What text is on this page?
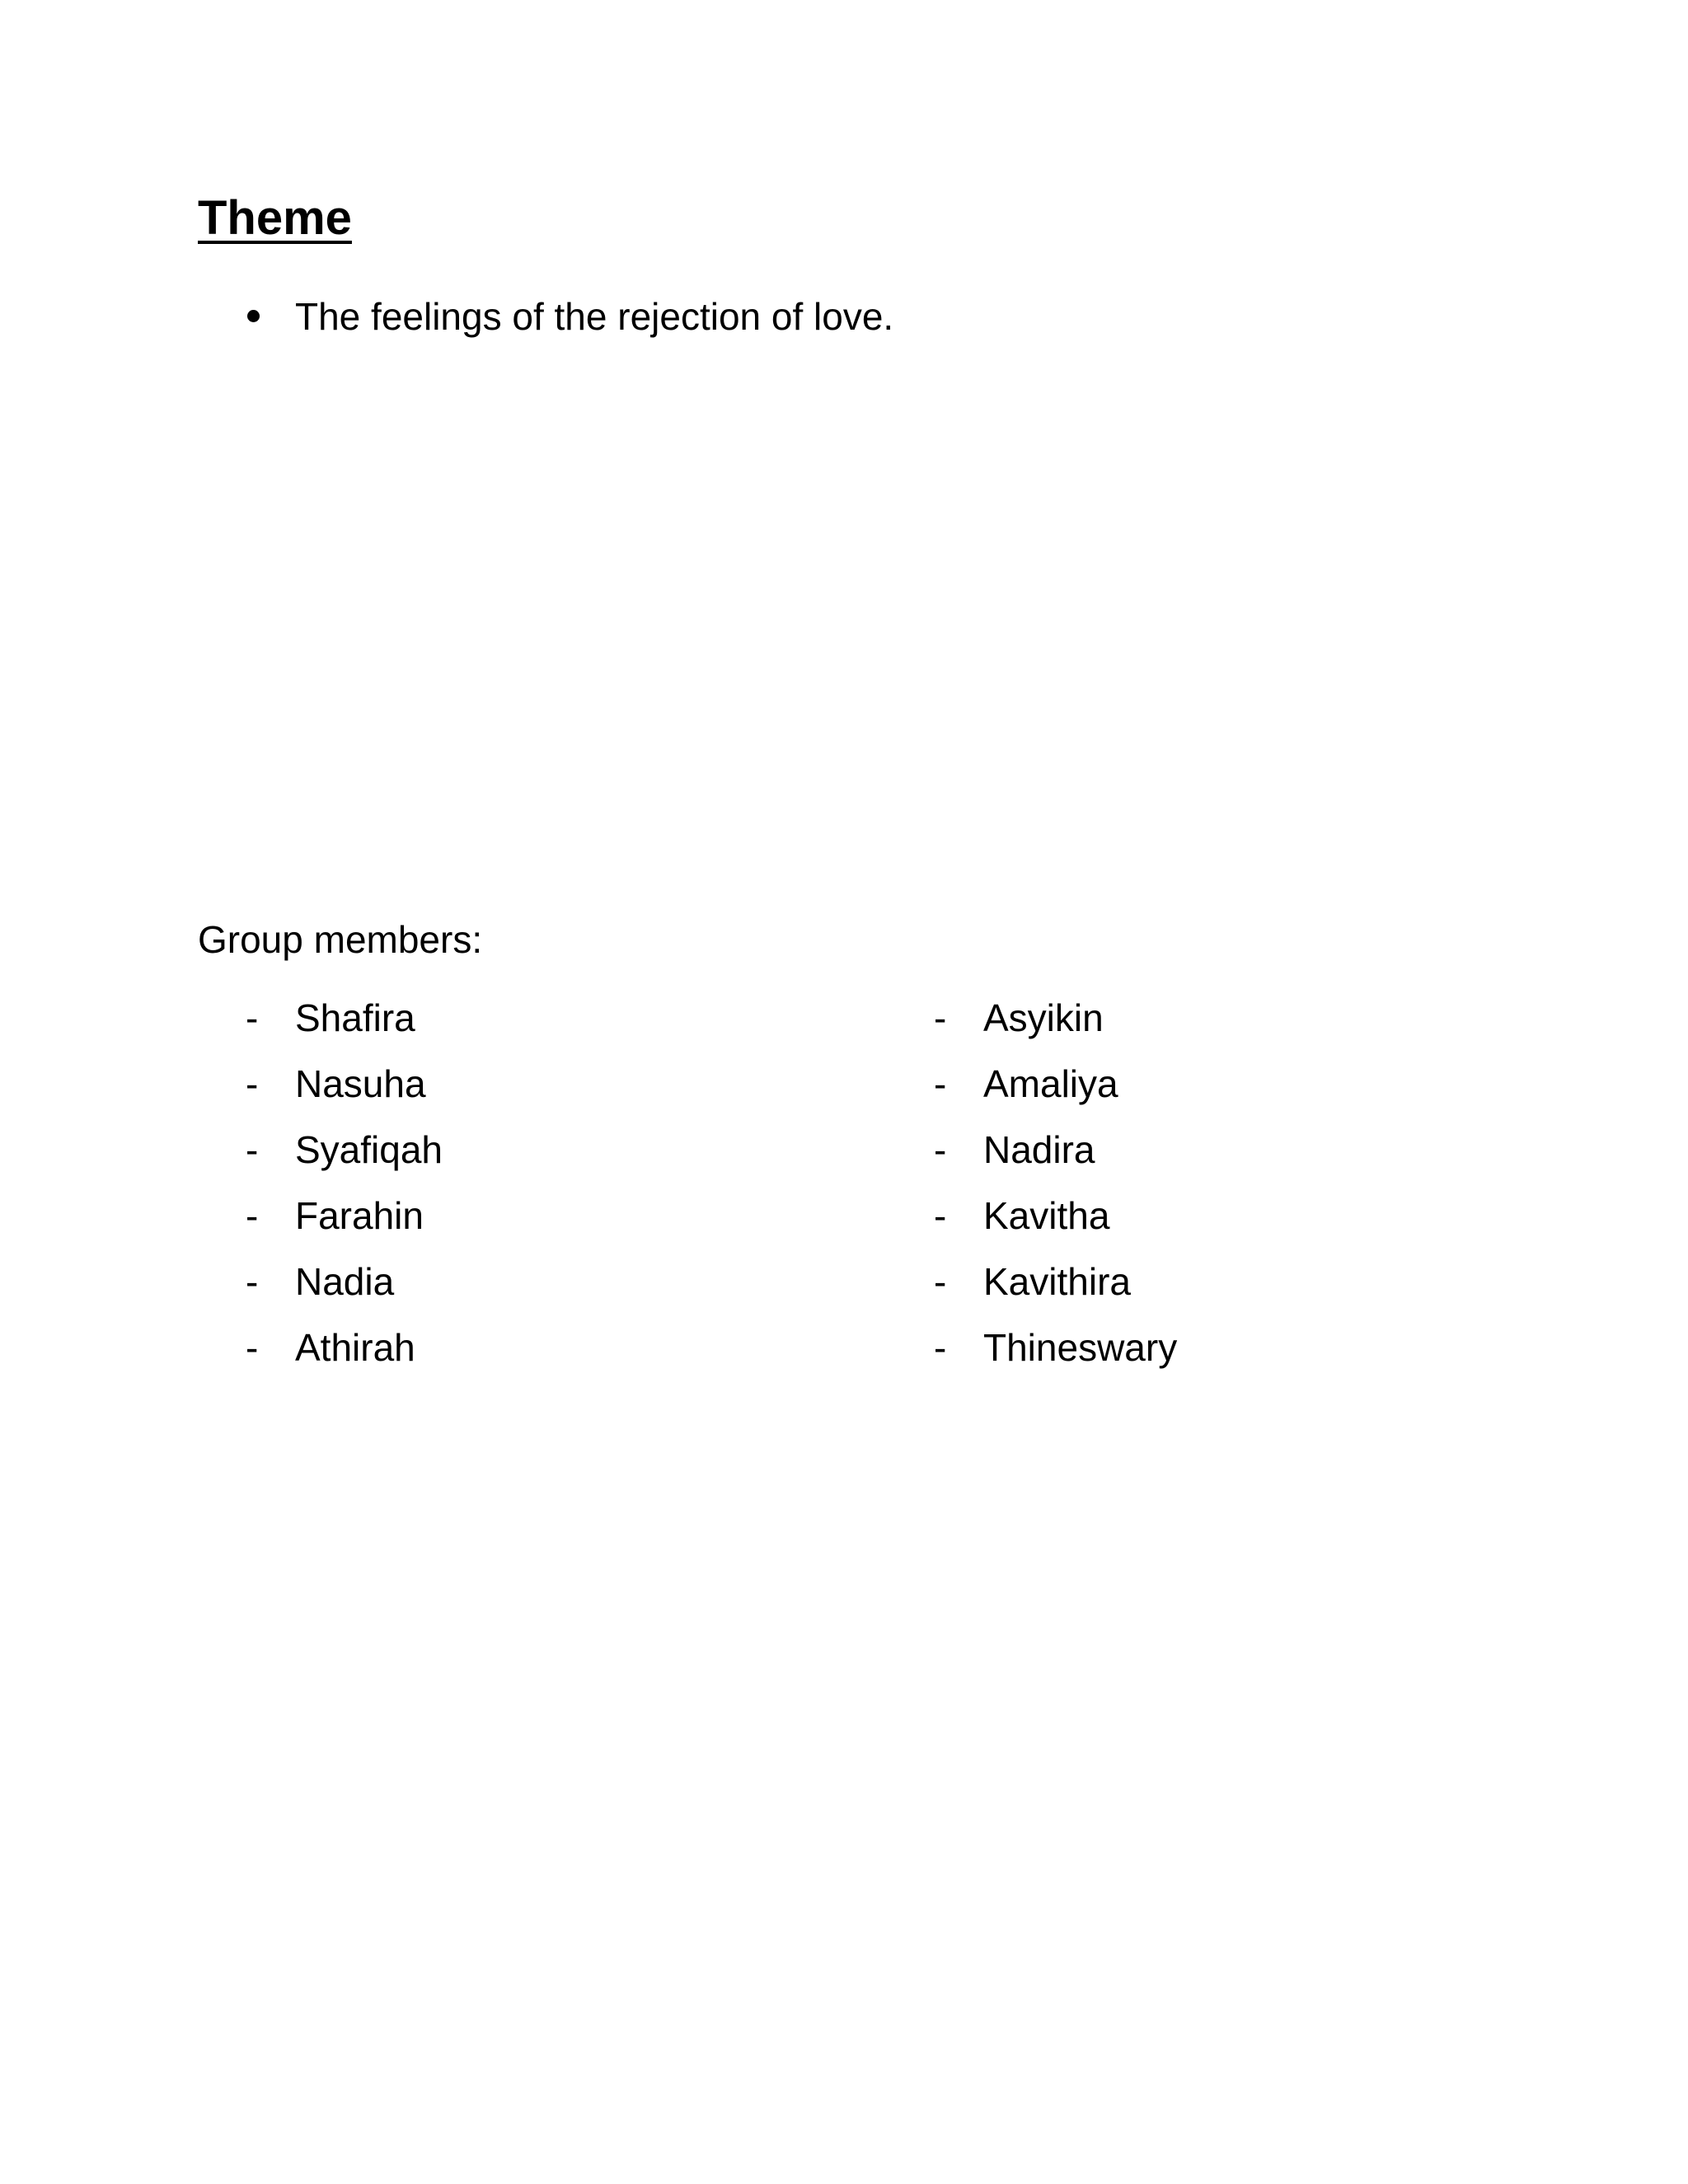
Theme
The feelings of the rejection of love.
Group members:
- Shafira
- Nasuha
- Syafiqah
- Farahin
- Nadia
- Athirah
- Asyikin
- Amaliya
- Nadira
- Kavitha
- Kavithira
- Thineswary
